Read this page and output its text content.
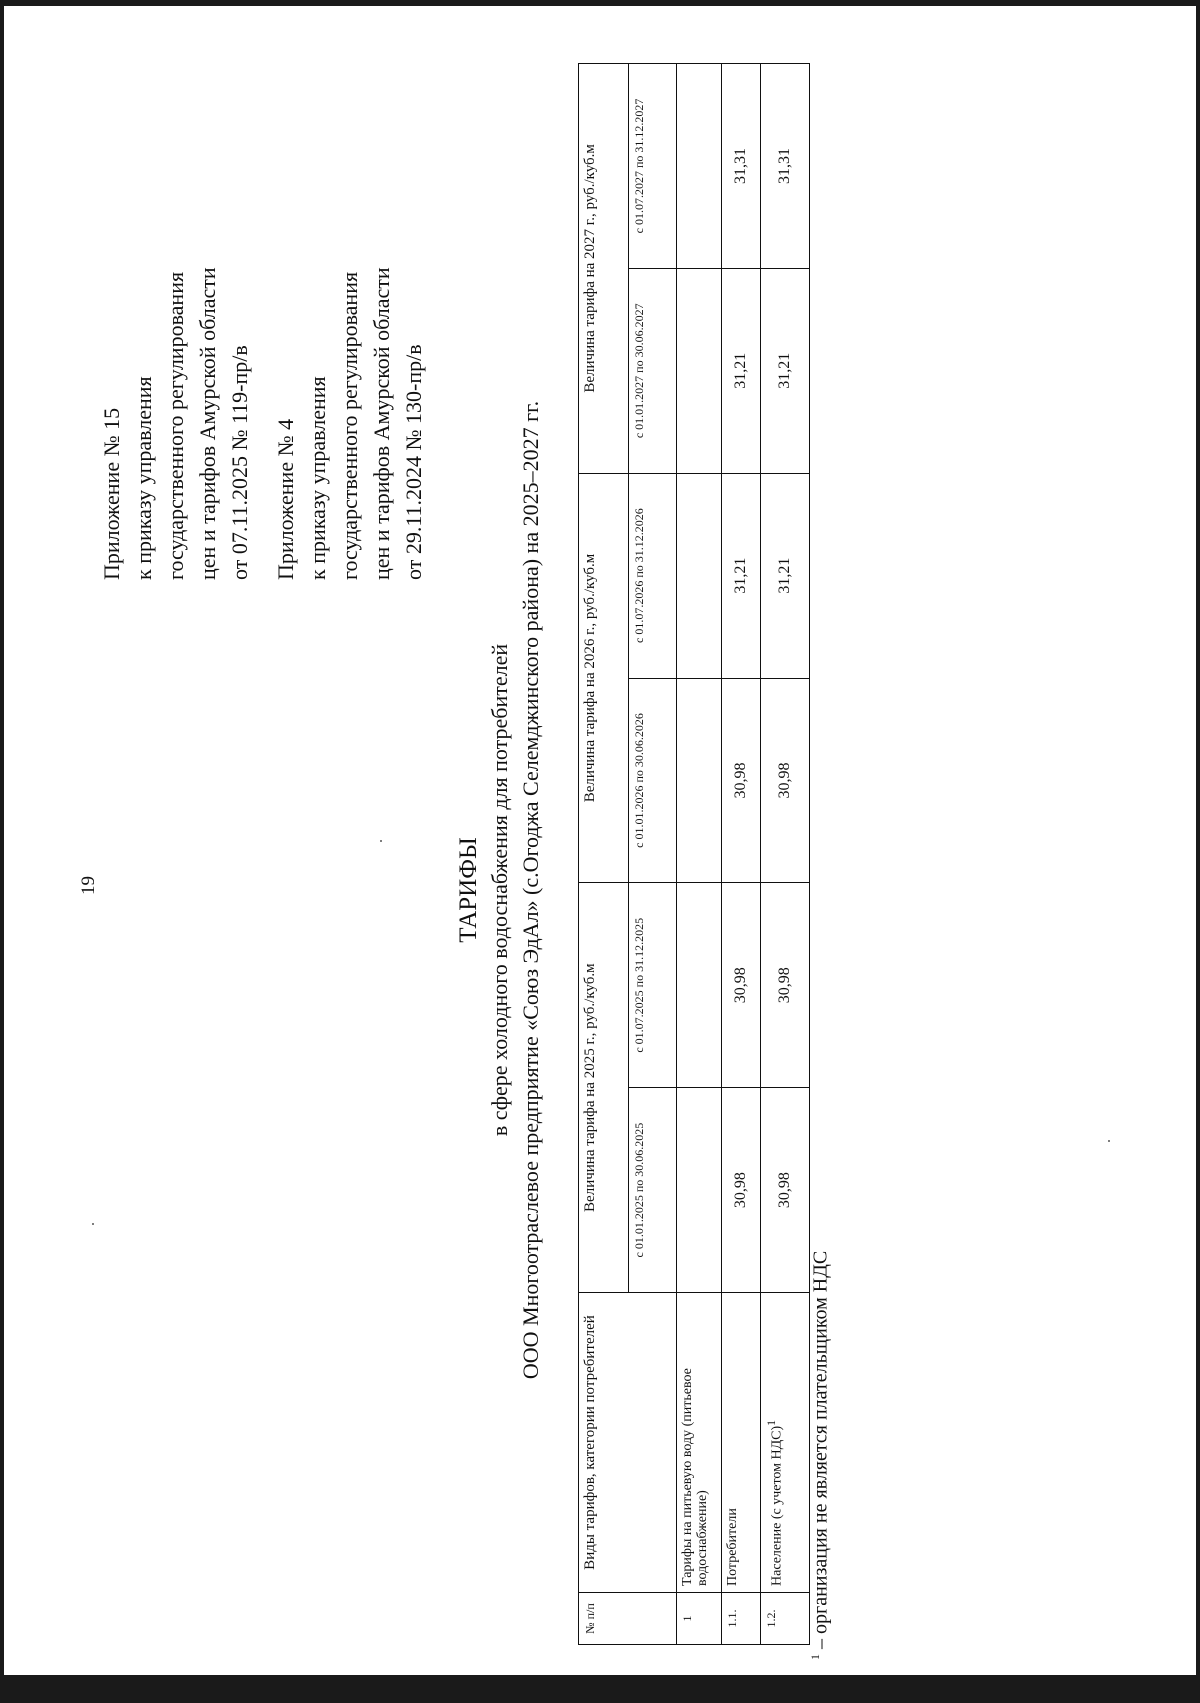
19
Приложение № 15 к приказу управления государственного регулирования цен и тарифов Амурской области от 07.11.2025 № 119-пр/в Приложение № 4 к приказу управления государственного регулирования цен и тарифов Амурской области от 29.11.2024 № 130-пр/в
ТАРИФЫ в сфере холодного водоснабжения для потребителей ООО Многоотраслевое предприятие «Союз ЭдАл» (с.Огоджа Селемджинского района) на 2025–2027 гг.
№ п/п	Виды тарифов, категории потребителей	Величина тарифа на 2025 г., руб./куб.м		Величина тарифа на 2026 г., руб./куб.м		Величина тарифа на 2027 г., руб./куб.м	
		с 01.01.2025 по 30.06.2025	с 01.07.2025 по 31.12.2025	с 01.01.2026 по 30.06.2026	с 01.07.2026 по 31.12.2026	с 01.01.2027 по 30.06.2027	с 01.07.2027 по 31.12.2027
1	Тарифы на питьевую воду (питьевое водоснабжение)						
1.1.	Потребители	30,98	30,98	30,98	31,21	31,21	31,31
1.2.	Население (с учетом НДС)$^1$	30,98	30,98	30,98	31,21	31,21	31,31
$^1$ – организация не является плательщиком НДС
